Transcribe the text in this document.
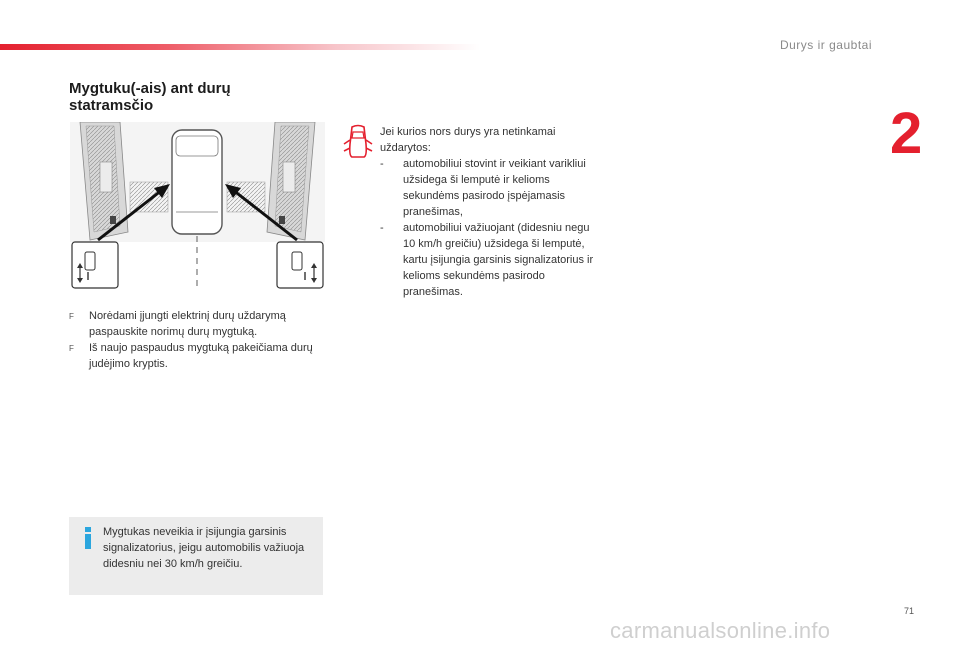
Durys ir gaubtai
2
Mygtuku(-ais) ant durų
statramsčio
F	Norėdami įjungti elektrinį durų uždarymą paspauskite norimų durų mygtuką.
F	Iš naujo paspaudus mygtuką pakeičiama durų judėjimo kryptis.
Mygtukas neveikia ir įsijungia garsinis signalizatorius, jeigu automobilis važiuoja didesniu nei 30 km/h greičiu.
Jei kurios nors durys yra netinkamai uždarytos:
-	automobiliui stovint ir veikiant varikliui užsidega ši lemputė ir kelioms sekundėms pasirodo įspėjamasis pranešimas,
-	automobiliui važiuojant (didesniu negu 10 km/h greičiu) užsidega ši lemputė, kartu įsijungia garsinis signalizatorius ir kelioms sekundėms pasirodo pranešimas.
71
carmanualsonline.info
